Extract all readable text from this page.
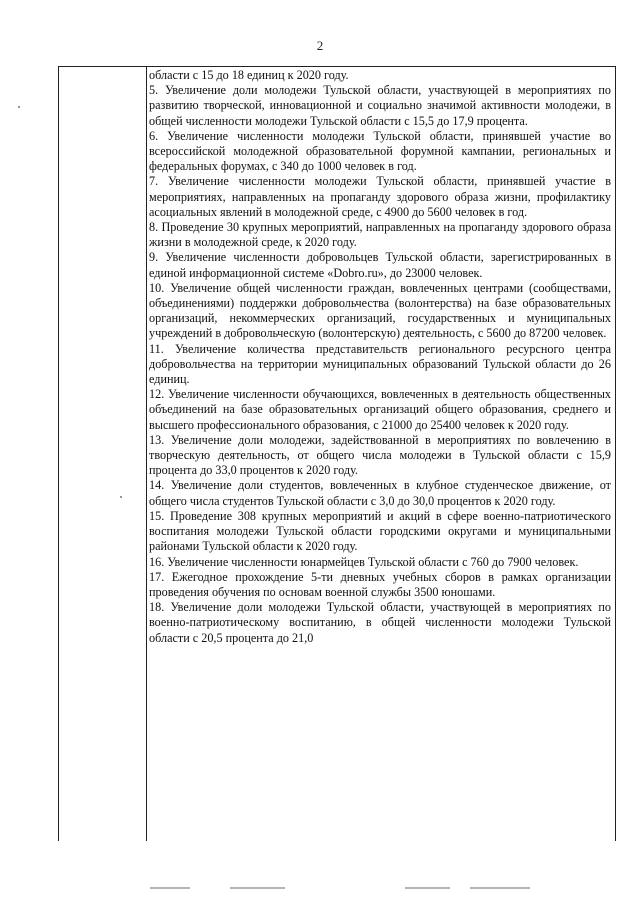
2

области с 15 до 18 единиц к 2020 году.

5. Увеличение доли молодежи Тульской области, участвующей в мероприятиях по развитию творческой, инновационной и социально значимой активности молодежи, в общей численности молодежи Тульской области с 15,5 до 17,9 процента.

6. Увеличение численности молодежи Тульской области, принявшей участие во всероссийской молодежной образовательной форумной кампании, региональных и федеральных форумах, с 340 до 1000 человек в год.

7. Увеличение численности молодежи Тульской области, принявшей участие в мероприятиях, направленных на пропаганду здорового образа жизни, профилактику асоциальных явлений в молодежной среде, с 4900 до 5600 человек в год.

8. Проведение 30 крупных мероприятий, направленных на пропаганду здорового образа жизни в молодежной среде, к 2020 году.

9. Увеличение численности добровольцев Тульской области, зарегистрированных в единой информационной системе «Dobro.ru», до 23000 человек.

10. Увеличение общей численности граждан, вовлеченных центрами (сообществами, объединениями) поддержки добровольчества (волонтерства) на базе образовательных организаций, некоммерческих организаций, государственных и муниципальных учреждений в добровольческую (волонтерскую) деятельность, с 5600 до 87200 человек.

11. Увеличение количества представительств регионального ресурсного центра добровольчества на территории муниципальных образований Тульской области до 26 единиц.

12. Увеличение численности обучающихся, вовлеченных в деятельность общественных объединений на базе образовательных организаций общего образования, среднего и высшего профессионального образования, с 21000 до 25400 человек к 2020 году.

13. Увеличение доли молодежи, задействованной в мероприятиях по вовлечению в творческую деятельность, от общего числа молодежи в Тульской области с 15,9 процента до 33,0 процентов к 2020 году.

14. Увеличение доли студентов, вовлеченных в клубное студенческое движение, от общего числа студентов Тульской области с 3,0 до 30,0 процентов к 2020 году.

15. Проведение 308 крупных мероприятий и акций в сфере военно-патриотического воспитания молодежи Тульской области городскими округами и муниципальными районами Тульской области к 2020 году.

16. Увеличение численности юнармейцев Тульской области с 760 до 7900 человек.

17. Ежегодное прохождение 5-ти дневных учебных сборов в рамках организации проведения обучения по основам военной службы 3500 юношами.

18. Увеличение доли молодежи Тульской области, участвующей в мероприятиях по военно-патриотическому воспитанию, в общей численности молодежи Тульской области с 20,5 процента до 21,0
